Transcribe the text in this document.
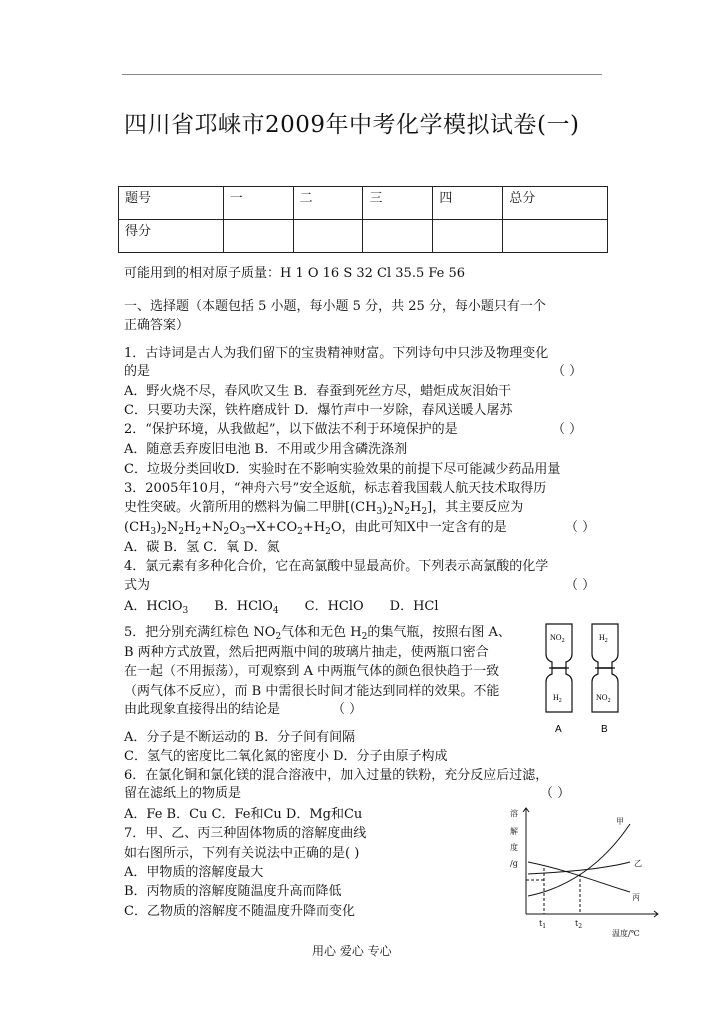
四川省邛崃市2009年中考化学模拟试卷(一)
题号	一	二	三	四	总分
得分					
可能用到的相对原子质量：H 1 O 16 S 32 Cl 35.5 Fe 56
一、选择题（本题包括 5 小题，每小题 5 分，共 25 分，每小题只有一个
正确答案）
1．古诗词是古人为我们留下的宝贵精神财富。下列诗句中只涉及物理变化
的是	（ ）
A．野火烧不尽，春风吹又生 B．春蚕到死丝方尽，蜡炬成灰泪始干
C．只要功夫深，铁杵磨成针 D．爆竹声中一岁除，春风送暖人屠苏
2．“保护环境，从我做起”，以下做法不利于环境保护的是	（ ）
A．随意丢弃废旧电池 B．不用或少用含磷洗涤剂
C．垃圾分类回收D．实验时在不影响实验效果的前提下尽可能减少药品用量
3．2005年10月，“神舟六号”安全返航，标志着我国载人航天技术取得历
史性突破。火箭所用的燃料为偏二甲肼$[(CH_3)_2N_2H_2]$，其主要反应为
$(CH_3)_2N_2H_2+N_2O_3\to X+CO_2+H_2O$，由此可知X中一定含有的是	（ ）
A．碳 B．氢 C．氧 D．氮
4．氯元素有多种化合价，它在高氯酸中显最高价。下列表示高氯酸的化学
式为	（ ）
A．HClO$_3$ B．HClO$_4$ C．HClO D．HCl
5．把分别充满红棕色 $NO_2$气体和无色 $H_2$的集气瓶，按照右图 A、
B 两种方式放置，然后把两瓶中间的玻璃片抽走，使两瓶口密合
在一起（不用振荡），可观察到 A 中两瓶气体的颜色很快趋于一致
（两气体不反应），而 B 中需很长时间才能达到同样的效果。不能
由此现象直接得出的结论是	（ ）
A．分子是不断运动的 B．分子间有间隔
C．氢气的密度比二氧化氮的密度小 D．分子由原子构成
$NO_2$
$H_2$
$H_2$
$NO_2$
A	B
6．在氯化铜和氯化镁的混合溶液中，加入过量的铁粉，充分反应后过滤，
留在滤纸上的物质是	（ ）
A．Fe B．Cu C．Fe和Cu D．Mg和Cu
7．甲、乙、丙三种固体物质的溶解度曲线
如右图所示，下列有关说法中正确的是( )
A．甲物质的溶解度最大
B．丙物质的溶解度随温度升高而降低
C．乙物质的溶解度不随温度升降而变化
溶
解
度
/g
甲
乙
丙
$t_1$	$t_2$
温度/℃
用心 爱心 专心
